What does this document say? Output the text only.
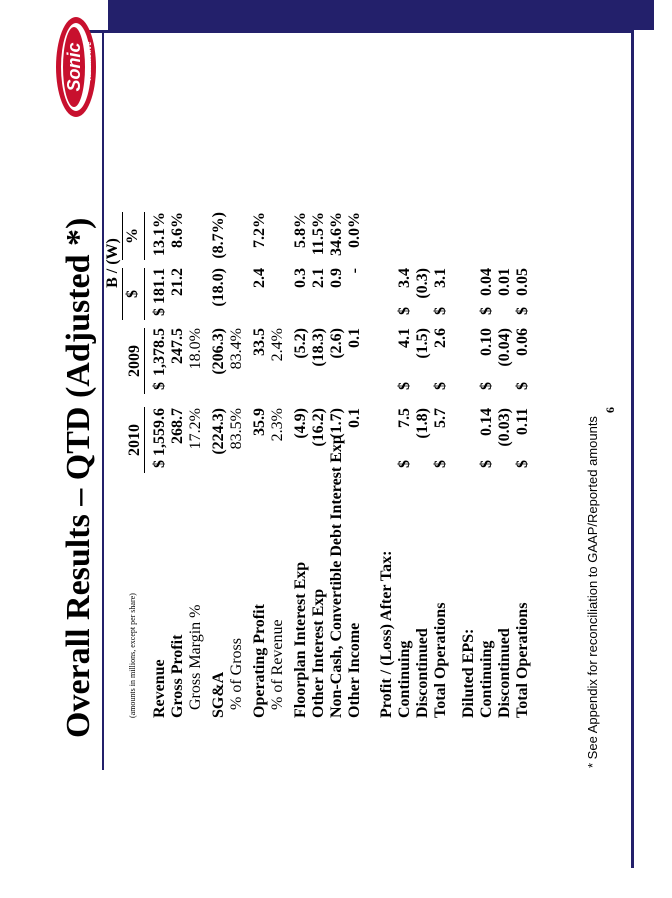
Sonic Automotive
Overall Results – QTD (Adjusted *)	(amounts in millions, except per share)
B / (W)
2010
2009
$
%
Revenue
$ 1,559.6
$
1,378.5
$ 181.1
13.1%
Gross Profit
268.7
247.5
21.2
8.6%
Gross Margin %
17.2%
18.0%
SG&A
(224.3)
(206.3)
(18.0)
(8.7%)
% of Gross
83.5%
83.4%
Operating Profit
35.9
33.5
2.4
7.2%
% of Revenue
2.3%
2.4%
Floorplan Interest Exp
(4.9)
(5.2)
0.3
5.8%
Other Interest Exp
(16.2)
(18.3)
2.1
11.5%
Non-Cash, Convertible Debt Interest Exp
(1.7)
(2.6)
0.9
34.6%
Other Income
0.1
0.1
-
0.0%
Profit / (Loss) After Tax: Continuing
$
7.5
$
4.1
$
3.4
Discontinued
(1.8)
(1.5)
(0.3)
Total Operations
$
5.7
$
2.6
$
3.1
Diluted EPS: Continuing
$
0.14
$
0.10
$
0.04
Discontinued
(0.03)
(0.04)
0.01
Total Operations
$
0.11
$
0.06
$
0.05
* See Appendix for reconciliation to GAAP/Reported amounts
6
